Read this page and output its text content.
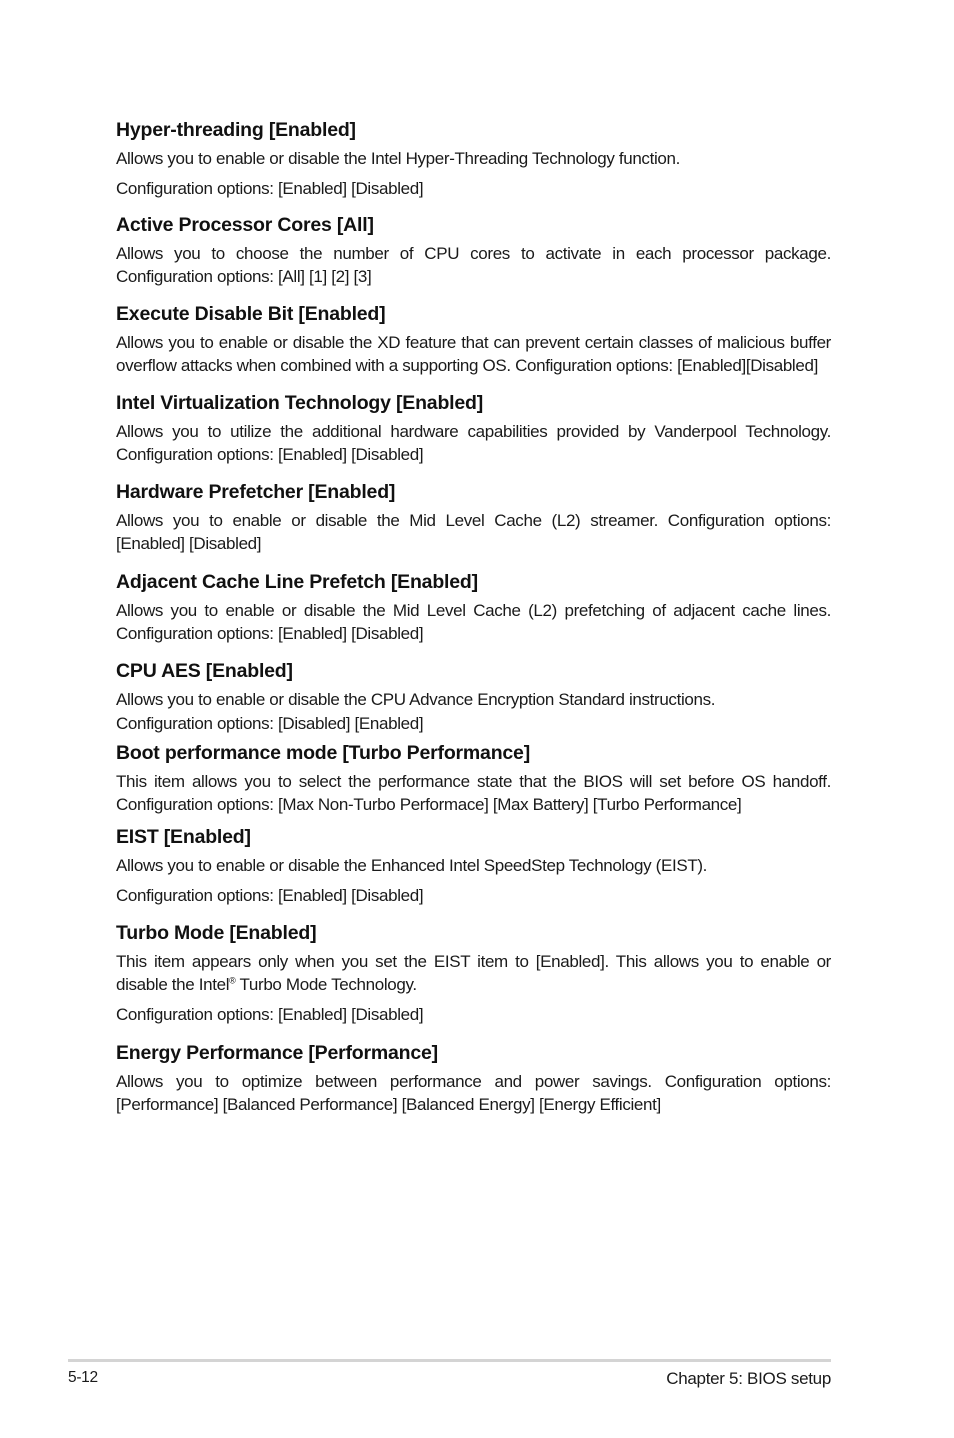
Hyper-threading [Enabled]

Allows you to enable or disable the Intel Hyper-Threading Technology function.

Configuration options: [Enabled] [Disabled]

Active Processor Cores [All]

Allows you to choose the number of CPU cores to activate in each processor package. Configuration options: [All] [1] [2] [3]

Execute Disable Bit [Enabled]

Allows you to enable or disable the XD feature that can prevent certain classes of malicious buffer overflow attacks when combined with a supporting OS. Configuration options: [Enabled][Disabled]

Intel Virtualization Technology [Enabled]

Allows you to utilize the additional hardware capabilities provided by Vanderpool Technology. Configuration options: [Enabled] [Disabled]

Hardware Prefetcher [Enabled]

Allows you to enable or disable the Mid Level Cache (L2) streamer. Configuration options: [Enabled] [Disabled]

Adjacent Cache Line Prefetch [Enabled]

Allows you to enable or disable the Mid Level Cache (L2) prefetching of adjacent cache lines. Configuration options: [Enabled] [Disabled]

CPU AES [Enabled]

Allows you to enable or disable the CPU Advance Encryption Standard instructions.

Configuration options: [Disabled] [Enabled]

Boot performance mode [Turbo Performance]

This item allows you to select the performance state that the BIOS will set before OS handoff. Configuration options: [Max Non-Turbo Performace] [Max Battery] [Turbo Performance]

EIST [Enabled]

Allows you to enable or disable the Enhanced Intel SpeedStep Technology (EIST).

Configuration options: [Enabled] [Disabled]

Turbo Mode [Enabled]

This item appears only when you set the EIST item to [Enabled]. This allows you to enable or disable the Intel® Turbo Mode Technology.

Configuration options: [Enabled] [Disabled]

Energy Performance [Performance]

Allows you to optimize between performance and power savings. Configuration options: [Performance] [Balanced Performance] [Balanced Energy] [Energy Efficient]

5-12	Chapter 5: BIOS setup
